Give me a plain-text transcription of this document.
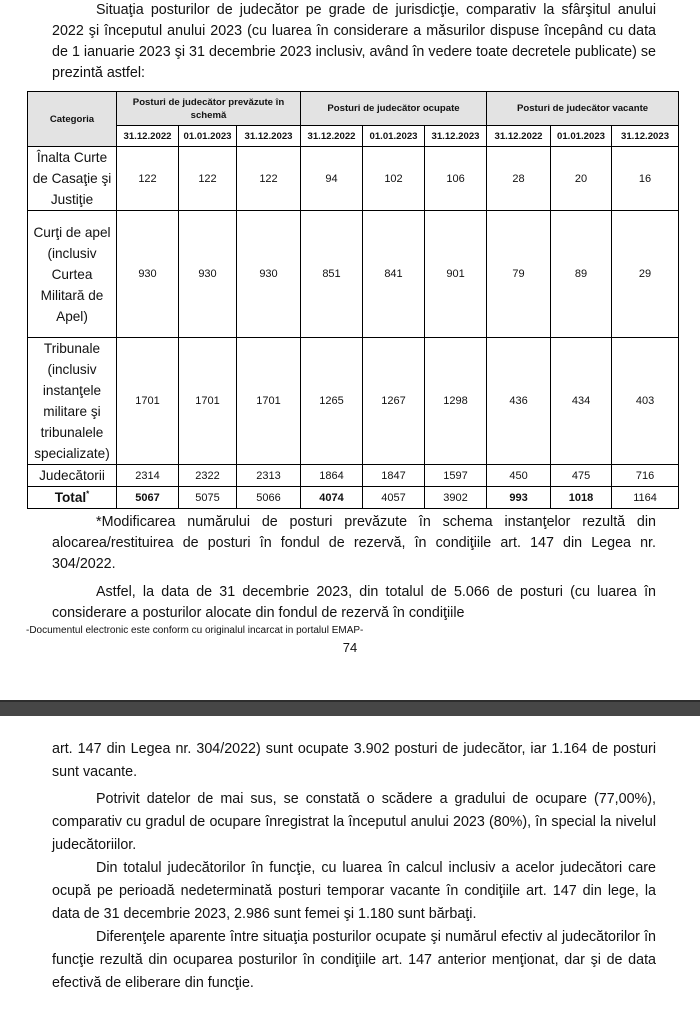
Situaţia posturilor de judecător pe grade de jurisdicţie, comparativ la sfârşitul anului 2022 şi începutul anului 2023 (cu luarea în considerare a măsurilor dispuse începând cu data de 1 ianuarie 2023 şi 31 decembrie 2023 inclusiv, având în vedere toate decretele publicate) se prezintă astfel:

Categoria	Posturi de judecător prevăzute în schemă			Posturi de judecător ocupate			Posturi de judecător vacante		
	31.12.2022	01.01.2023	31.12.2023	31.12.2022	01.01.2023	31.12.2023	31.12.2022	01.01.2023	31.12.2023
Înalta Curte de Casaţie şi Justiţie	122	122	122	94	102	106	28	20	16
Curţi de apel (inclusiv Curtea Militară de Apel)	930	930	930	851	841	901	79	89	29
Tribunale (inclusiv instanţele militare şi tribunalele specializate)	1701	1701	1701	1265	1267	1298	436	434	403
Judecătorii	2314	2322	2313	1864	1847	1597	450	475	716
Total*	5067	5075	5066	4074	4057	3902	993	1018	1164

*Modificarea numărului de posturi prevăzute în schema instanţelor rezultă din alocarea/restituirea de posturi în fondul de rezervă, în condiţiile art. 147 din Legea nr. 304/2022.

Astfel, la data de 31 decembrie 2023, din totalul de 5.066 de posturi (cu luarea în considerare a posturilor alocate din fondul de rezervă în condiţiile

-Documentul electronic este conform cu originalul incarcat in portalul EMAP-
74

art. 147 din Legea nr. 304/2022) sunt ocupate 3.902 posturi de judecător, iar 1.164 de posturi sunt vacante.

Potrivit datelor de mai sus, se constată o scădere a gradului de ocupare (77,00%), comparativ cu gradul de ocupare înregistrat la începutul anului 2023 (80%), în special la nivelul judecătoriilor.

Din totalul judecătorilor în funcţie, cu luarea în calcul inclusiv a acelor judecători care ocupă pe perioadă nedeterminată posturi temporar vacante în condiţiile art. 147 din lege, la data de 31 decembrie 2023, 2.986 sunt femei şi 1.180 sunt bărbaţi.

Diferenţele aparente între situaţia posturilor ocupate şi numărul efectiv al judecătorilor în funcţie rezultă din ocuparea posturilor în condiţiile art. 147 anterior menţionat, dar şi de data efectivă de eliberare din funcţie.
